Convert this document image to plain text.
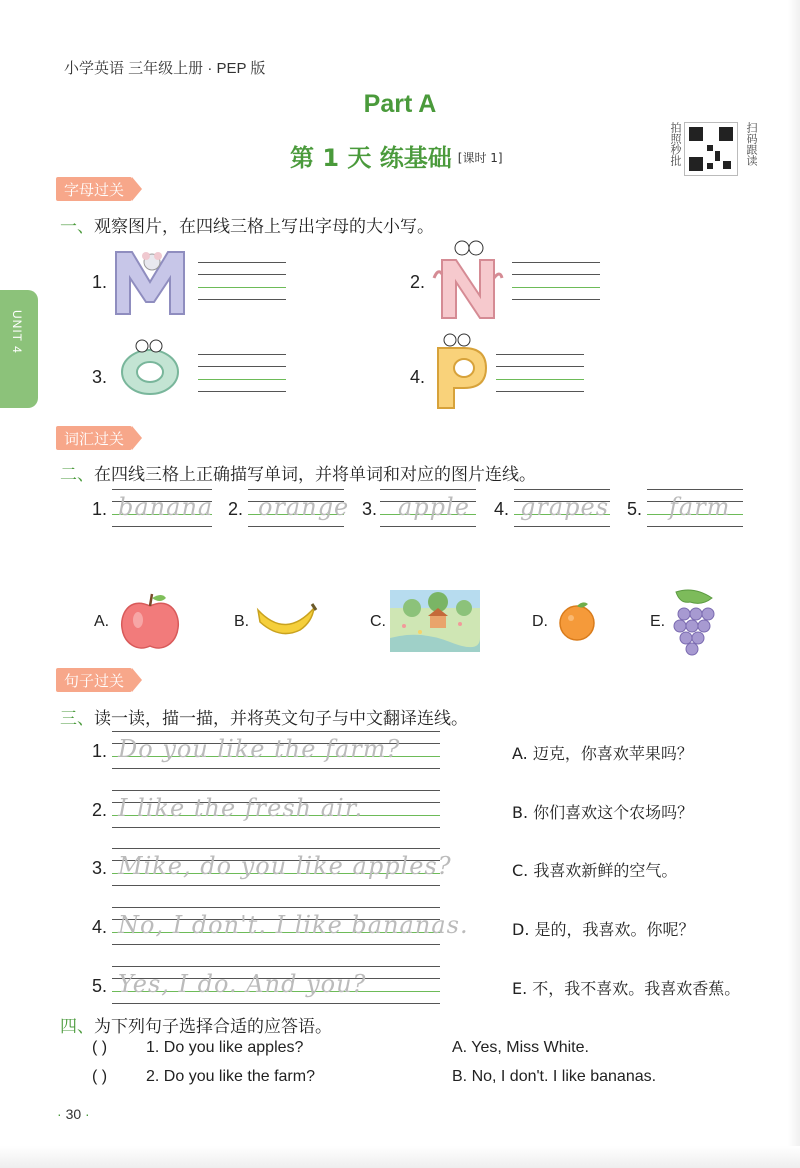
小学英语 三年级上册 · PEP 版
Part A
第 1 天 练基础 [课时 1]	拍照秒批	扫码跟读
UNIT 4
字母过关
一、观察图片，在四线三格上写出字母的大小写。
1.	2.
3.	4.
词汇过关
二、在四线三格上正确描写单词，并将单词和对应的图片连线。
1. banana 2. orange 3. apple 4. grapes 5. farm
A.	B.	C.	D.	E.
句子过关
三、读一读，描一描，并将英文句子与中文翻译连线。
1. Do you like the farm?	A. 迈克，你喜欢苹果吗？
2. I like the fresh air.	B. 你们喜欢这个农场吗？
3. Mike, do you like apples?	C. 我喜欢新鲜的空气。
4. No, I don't. I like bananas.	D. 是的，我喜欢。你呢？
5. Yes, I do. And you?	E. 不，我不喜欢。我喜欢香蕉。
四、为下列句子选择合适的应答语。
( ) 1. Do you like apples?	A. Yes, Miss White.
( ) 2. Do you like the farm?	B. No, I don't. I like bananas.
· 30 ·
